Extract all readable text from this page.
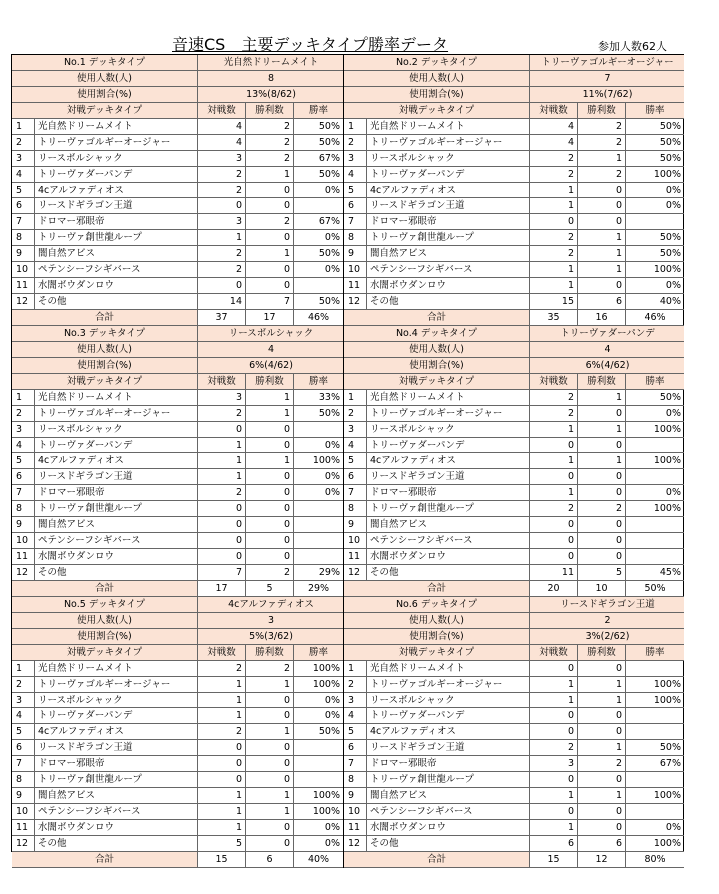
音速CS　主要デッキタイプ勝率データ	参加人数62人
No.1 デッキタイプ	光自然ドリームメイト
使用人数(人)	8
使用割合(%)	13%(8/62)
対戦デッキタイプ	対戦数	勝利数	勝率
1	光自然ドリームメイト	4	2	50%
2	トリーヴァゴルギーオージャー	4	2	50%
3	リースボルシャック	3	2	67%
4	トリーヴァダーパンデ	2	1	50%
5	4cアルファディオス	2	0	0%
6	リースドギラゴン王道	0	0
7	ドロマー邪眼帝	3	2	67%
8	トリーヴァ創世龍ループ	1	0	0%
9	闇自然アビス	2	1	50%
10	ペテンシーフシギバース	2	0	0%
11	水闇ボウダンロウ	0	0
12	その他	14	7	50%
合計	37	17	46%
No.3 デッキタイプ	リースボルシャック
使用人数(人)	4
使用割合(%)	6%(4/62)
対戦デッキタイプ	対戦数	勝利数	勝率
1	光自然ドリームメイト	3	1	33%
2	トリーヴァゴルギーオージャー	2	1	50%
3	リースボルシャック	0	0
4	トリーヴァダーパンデ	1	0	0%
5	4cアルファディオス	1	1	100%
6	リースドギラゴン王道	1	0	0%
7	ドロマー邪眼帝	2	0	0%
8	トリーヴァ創世龍ループ	0	0
9	闇自然アビス	0	0
10	ペテンシーフシギバース	0	0
11	水闇ボウダンロウ	0	0
12	その他	7	2	29%
合計	17	5	29%
No.5 デッキタイプ	4cアルファディオス
使用人数(人)	3
使用割合(%)	5%(3/62)
対戦デッキタイプ	対戦数	勝利数	勝率
1	光自然ドリームメイト	2	2	100%
2	トリーヴァゴルギーオージャー	1	1	100%
3	リースボルシャック	1	0	0%
4	トリーヴァダーパンデ	1	0	0%
5	4cアルファディオス	2	1	50%
6	リースドギラゴン王道	0	0
7	ドロマー邪眼帝	0	0
8	トリーヴァ創世龍ループ	0	0
9	闇自然アビス	1	1	100%
10	ペテンシーフシギバース	1	1	100%
11	水闇ボウダンロウ	1	0	0%
12	その他	5	0	0%
合計	15	6	40%
No.2 デッキタイプ	トリーヴァゴルギーオージャー
使用人数(人)	7
使用割合(%)	11%(7/62)
対戦デッキタイプ	対戦数	勝利数	勝率
1	光自然ドリームメイト	4	2	50%
2	トリーヴァゴルギーオージャー	4	2	50%
3	リースボルシャック	2	1	50%
4	トリーヴァダーパンデ	2	2	100%
5	4cアルファディオス	1	0	0%
6	リースドギラゴン王道	1	0	0%
7	ドロマー邪眼帝	0	0
8	トリーヴァ創世龍ループ	2	1	50%
9	闇自然アビス	2	1	50%
10	ペテンシーフシギバース	1	1	100%
11	水闇ボウダンロウ	1	0	0%
12	その他	15	6	40%
合計	35	16	46%
No.4 デッキタイプ	トリーヴァダーパンデ
使用人数(人)	4
使用割合(%)	6%(4/62)
対戦デッキタイプ	対戦数	勝利数	勝率
1	光自然ドリームメイト	2	1	50%
2	トリーヴァゴルギーオージャー	2	0	0%
3	リースボルシャック	1	1	100%
4	トリーヴァダーパンデ	0	0
5	4cアルファディオス	1	1	100%
6	リースドギラゴン王道	0	0
7	ドロマー邪眼帝	1	0	0%
8	トリーヴァ創世龍ループ	2	2	100%
9	闇自然アビス	0	0
10	ペテンシーフシギバース	0	0
11	水闇ボウダンロウ	0	0
12	その他	11	5	45%
合計	20	10	50%
No.6 デッキタイプ	リースドギラゴン王道
使用人数(人)	2
使用割合(%)	3%(2/62)
対戦デッキタイプ	対戦数	勝利数	勝率
1	光自然ドリームメイト	0	0
2	トリーヴァゴルギーオージャー	1	1	100%
3	リースボルシャック	1	1	100%
4	トリーヴァダーパンデ	0	0
5	4cアルファディオス	0	0
6	リースドギラゴン王道	2	1	50%
7	ドロマー邪眼帝	3	2	67%
8	トリーヴァ創世龍ループ	0	0
9	闇自然アビス	1	1	100%
10	ペテンシーフシギバース	0	0
11	水闇ボウダンロウ	1	0	0%
12	その他	6	6	100%
合計	15	12	80%
